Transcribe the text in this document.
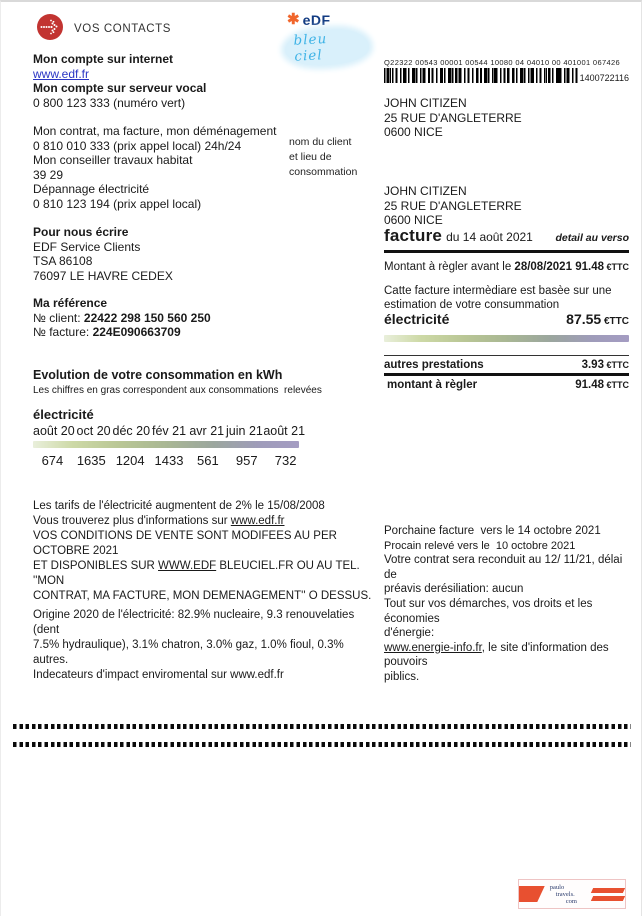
VOS CONTACTS
✱ eDF
bleu ciel
Mon compte sur internet
www.edf.fr
Mon compte sur serveur vocal
0 800 123 333 (numéro vert)
Mon contrat, ma facture, mon déménagement
0 810 010 333 (prix appel local) 24h/24
Mon conseiller travaux habitat
39 29
Dépannage électricité
0 810 123 194 (prix appel local)
Pour nous écrire
EDF Service Clients
TSA 86108
76097 LE HAVRE CEDEX
Ma référence
№ client: 22422 298 150 560 250
№ facture: 224E090663709
Evolution de votre consommation en kWh
Les chiffres en gras correspondent aux consommations  relevées
électricité
août 20 oct 20 déc 20 fév 21 avr 21 juin 21 août 21
674	1635 1204 1433	561	957	732
Les tarifs de l'électricité augmentent de 2% le 15/08/2008
Vous trouverez plus d'informations sur www.edf.fr
VOS CONDITIONS DE VENTE SONT MODIFEES AU PER OCTOBRE 2021
ET DISPONIBLES SUR WWW.EDF BLEUCIEL.FR OU AU TEL. ''MON
CONTRAT, MA FACTURE, MON DEMENAGEMENT'' O DESSUS.
Origine 2020 de l'électricité: 82.9% nucleaire, 9.3 renouvelaties (dent
7.5% hydraulique), 3.1% chatron, 3.0% gaz, 1.0% fioul, 0.3% autres.
Indecateurs d'impact enviromental sur www.edf.fr
Q22322 00543 00001 00544 10080 04 04010 00 401001 067426
1400722116
JOHN CITIZEN
25 RUE D'ANGLETERRE
0600 NICE
nom du client
et lieu de
consommation
JOHN CITIZEN
25 RUE D'ANGLETERRE
0600 NICE
facture du 14 août 2021 detail au verso
Montant à règler avant le 28/08/2021 91.48 €TTC
Catte facture intermèdiare est basèe sur une estimation de votre consummation
électricité	87.55 €TTC
autres prestations	3.93 €TTC
montant à règler	91.48 €TTC
Porchaine facture  vers le 14 octobre 2021
Procain relevé vers le  10 octobre 2021
Votre contrat sera reconduit au 12/ 11/21, délai de
préavis derésiliation: aucun
Tout sur vos démarches, vos droits et les économies
d'énergie:
www.energie-info.fr, le site d'information des pouvoirs
piblics.
paulo
travels.
com
